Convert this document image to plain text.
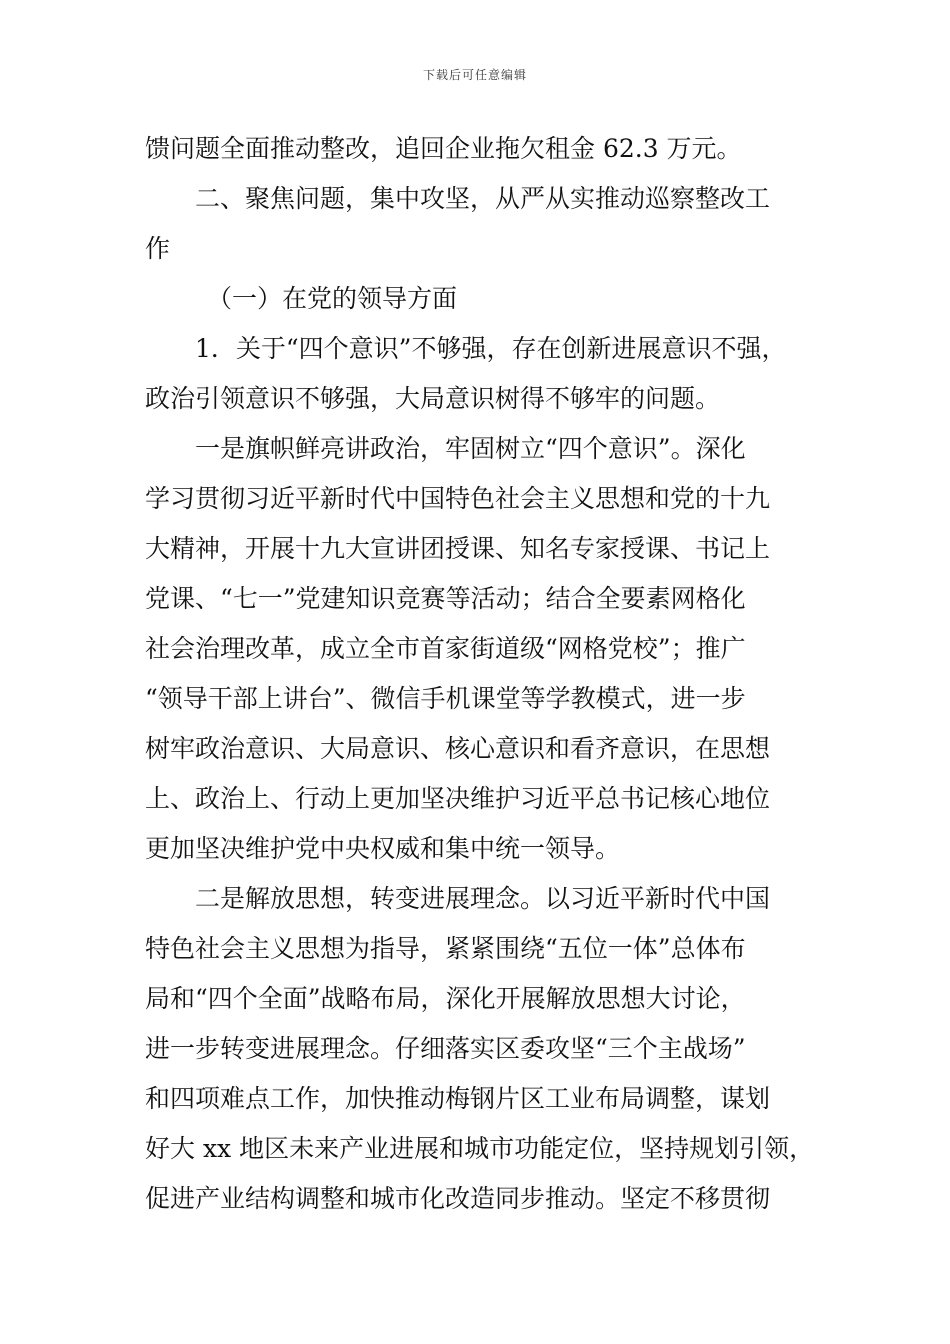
下载后可任意编辑
馈问题全面推动整改，追回企业拖欠租金 62.3 万元。
二、聚焦问题，集中攻坚，从严从实推动巡察整改工
作
（一）在党的领导方面
1．关于“四个意识”不够强，存在创新进展意识不强，
政治引领意识不够强，大局意识树得不够牢的问题。
一是旗帜鲜亮讲政治，牢固树立“四个意识”。深化
学习贯彻习近平新时代中国特色社会主义思想和党的十九
大精神，开展十九大宣讲团授课、知名专家授课、书记上
党课、“七一”党建知识竞赛等活动；结合全要素网格化
社会治理改革，成立全市首家街道级“网格党校”；推广
“领导干部上讲台”、微信手机课堂等学教模式，进一步
树牢政治意识、大局意识、核心意识和看齐意识，在思想
上、政治上、行动上更加坚决维护习近平总书记核心地位
更加坚决维护党中央权威和集中统一领导。
二是解放思想，转变进展理念。以习近平新时代中国
特色社会主义思想为指导，紧紧围绕“五位一体”总体布
局和“四个全面”战略布局，深化开展解放思想大讨论，
进一步转变进展理念。仔细落实区委攻坚“三个主战场”
和四项难点工作，加快推动梅钢片区工业布局调整，谋划
好大 xx 地区未来产业进展和城市功能定位，坚持规划引领，
促进产业结构调整和城市化改造同步推动。坚定不移贯彻
